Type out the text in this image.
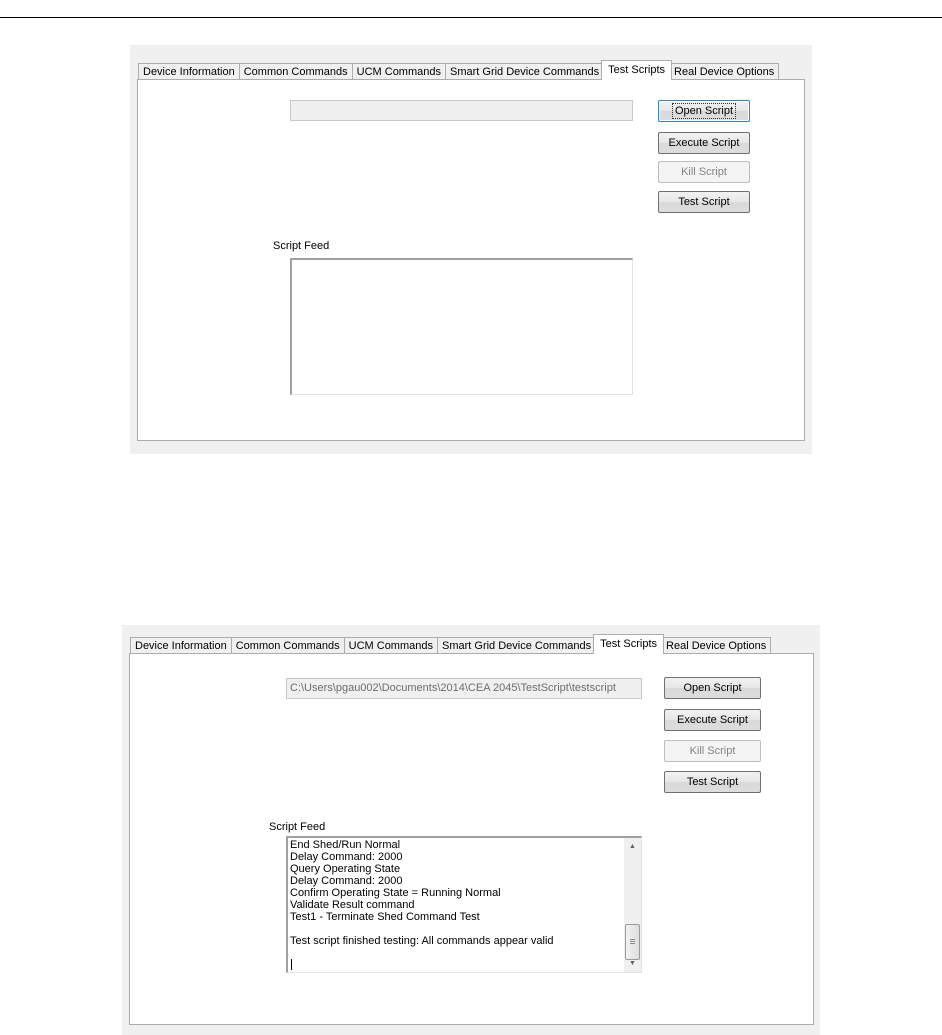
Device Information Common Commands UCM Commands Smart Grid Device Commands Test Scripts Real Device Options
Open Script
Execute Script
Kill Script
Test Script
Script Feed
Device Information Common Commands UCM Commands Smart Grid Device Commands Test Scripts Real Device Options
C:\Users\pgau002\Documents\2014\CEA 2045\TestScript\testscript	Open Script
Execute Script
Kill Script
Test Script
Script Feed
End Shed/Run Normal
Delay Command: 2000
Query Operating State
Delay Command: 2000
Confirm Operating State = Running Normal
Validate Result command
Test1 - Terminate Shed Command Test
Test script finished testing: All commands appear valid
▲
▼
